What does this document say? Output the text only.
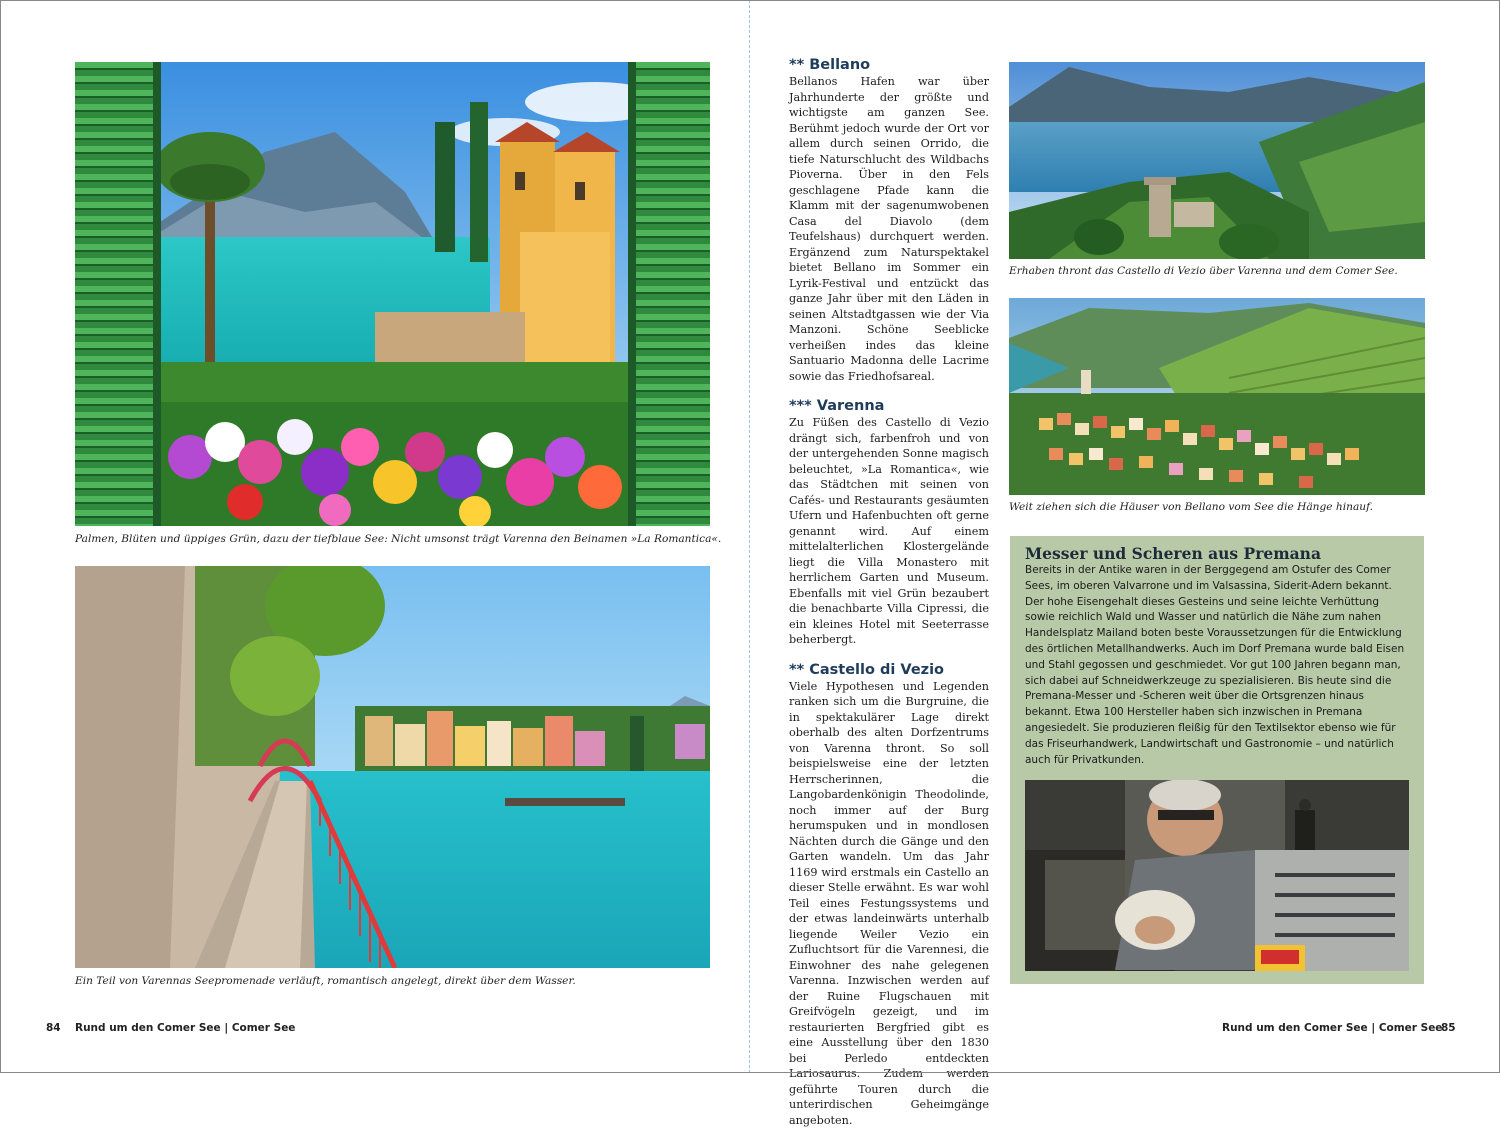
Palmen, Blüten und üppiges Grün, dazu der tiefblaue See: Nicht umsonst trägt Varenna den Beinamen »La Romantica«.
Ein Teil von Varennas Seepromenade verläuft, romantisch angelegt, direkt über dem Wasser.
84 Rund um den Comer See | Comer See
** Bellano

Bellanos Hafen war über Jahrhunderte der größte und wichtigste am ganzen See. Berühmt jedoch wurde der Ort vor allem durch seinen Orrido, die tiefe Naturschlucht des Wildbachs Pioverna. Über in den Fels geschlagene Pfade kann die Klamm mit der sagenumwobenen Casa del Diavolo (dem Teufelshaus) durchquert werden. Ergänzend zum Naturspektakel bietet Bellano im Sommer ein Lyrik-Festival und entzückt das ganze Jahr über mit den Läden in seinen Altstadtgassen wie der Via Manzoni. Schöne Seeblicke verheißen indes das kleine Santuario Madonna delle Lacrime sowie das Friedhofsareal.

*** Varenna

Zu Füßen des Castello di Vezio drängt sich, farbenfroh und von der untergehenden Sonne magisch beleuchtet, »La Romantica«, wie das Städtchen mit seinen von Cafés- und Restaurants gesäumten Ufern und Hafenbuchten oft gerne genannt wird. Auf einem mittelalterlichen Klostergelände liegt die Villa Monastero mit herrlichem Garten und Museum. Ebenfalls mit viel Grün bezaubert die benachbarte Villa Cipressi, die ein kleines Hotel mit Seeterrasse beherbergt.

** Castello di Vezio

Viele Hypothesen und Legenden ranken sich um die Burgruine, die in spektakulärer Lage direkt oberhalb des alten Dorfzentrums von Varenna thront. So soll beispielsweise eine der letzten Herrscherinnen, die Langobardenkönigin Theodolinde, noch immer auf der Burg herumspuken und in mondlosen Nächten durch die Gänge und den Garten wandeln. Um das Jahr 1169 wird erstmals ein Castello an dieser Stelle erwähnt. Es war wohl Teil eines Festungssystems und der etwas landeinwärts unterhalb liegende Weiler Vezio ein Zufluchtsort für die Varennesi, die Einwohner des nahe gelegenen Varenna. Inzwischen werden auf der Ruine Flugschauen mit Greifvögeln gezeigt, und im restaurierten Bergfried gibt es eine Ausstellung über den 1830 bei Perledo entdeckten Lariosaurus. Zudem werden geführte Touren durch die unterirdischen Geheimgänge angeboten.

Erhaben thront das Castello di Vezio über Varenna und dem Comer See.
Weit ziehen sich die Häuser von Bellano vom See die Hänge hinauf.
Messer und Scheren aus Premana

Bereits in der Antike waren in der Berggegend am Ostufer des Comer Sees, im oberen Valvarrone und im Valsassina, Siderit-Adern bekannt. Der hohe Eisengehalt dieses Gesteins und seine leichte Verhüttung sowie reichlich Wald und Wasser und natürlich die Nähe zum nahen Handelsplatz Mailand boten beste Voraussetzungen für die Entwicklung des örtlichen Metallhandwerks. Auch im Dorf Premana wurde bald Eisen und Stahl gegossen und geschmiedet. Vor gut 100 Jahren begann man, sich dabei auf Schneidwerkzeuge zu spezialisieren. Bis heute sind die Premana-Messer und -Scheren weit über die Ortsgrenzen hinaus bekannt. Etwa 100 Hersteller haben sich inzwischen in Premana angesiedelt. Sie produzieren fleißig für den Textilsektor ebenso wie für das Friseurhandwerk, Landwirtschaft und Gastronomie – und natürlich auch für Privatkunden.

Rund um den Comer See | Comer See
85
